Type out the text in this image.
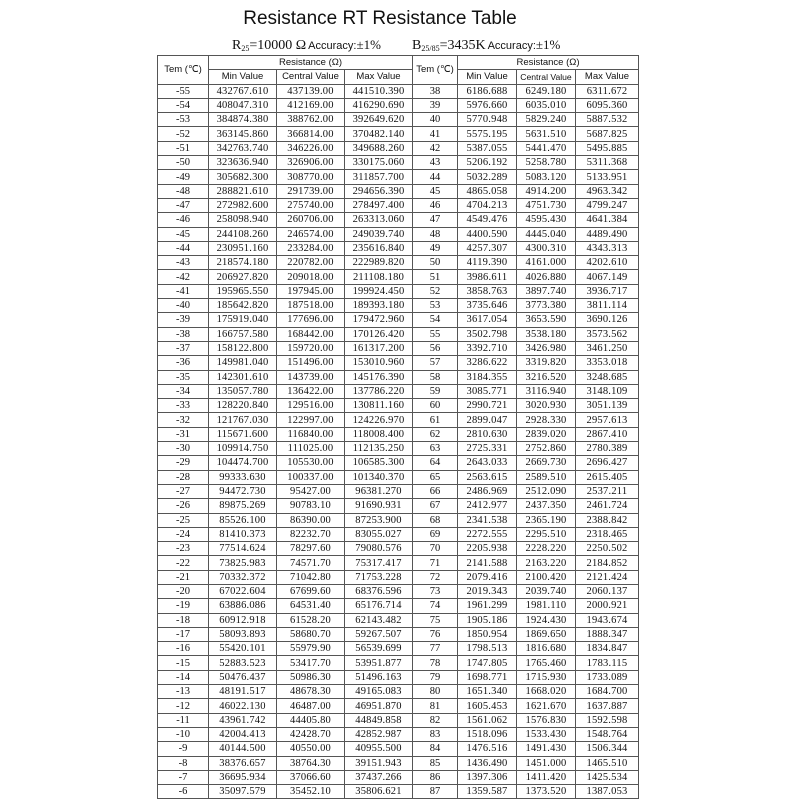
Resistance RT Resistance Table
$R_{25}=10000$ Ω Accuracy:±1% $B_{25/85}=3435K$ Accuracy:±1%
Tem (℃)	Resistance (Ω)			Tem (℃)	Resistance (Ω)		
	Min Value	Central Value	Max Value		Min Value	Central Value	Max Value
-55	432767.610	437139.00	441510.390	38	6186.688	6249.180	6311.672
-54	408047.310	412169.00	416290.690	39	5976.660	6035.010	6095.360
-53	384874.380	388762.00	392649.620	40	5770.948	5829.240	5887.532
-52	363145.860	366814.00	370482.140	41	5575.195	5631.510	5687.825
-51	342763.740	346226.00	349688.260	42	5387.055	5441.470	5495.885
-50	323636.940	326906.00	330175.060	43	5206.192	5258.780	5311.368
-49	305682.300	308770.00	311857.700	44	5032.289	5083.120	5133.951
-48	288821.610	291739.00	294656.390	45	4865.058	4914.200	4963.342
-47	272982.600	275740.00	278497.400	46	4704.213	4751.730	4799.247
-46	258098.940	260706.00	263313.060	47	4549.476	4595.430	4641.384
-45	244108.260	246574.00	249039.740	48	4400.590	4445.040	4489.490
-44	230951.160	233284.00	235616.840	49	4257.307	4300.310	4343.313
-43	218574.180	220782.00	222989.820	50	4119.390	4161.000	4202.610
-42	206927.820	209018.00	211108.180	51	3986.611	4026.880	4067.149
-41	195965.550	197945.00	199924.450	52	3858.763	3897.740	3936.717
-40	185642.820	187518.00	189393.180	53	3735.646	3773.380	3811.114
-39	175919.040	177696.00	179472.960	54	3617.054	3653.590	3690.126
-38	166757.580	168442.00	170126.420	55	3502.798	3538.180	3573.562
-37	158122.800	159720.00	161317.200	56	3392.710	3426.980	3461.250
-36	149981.040	151496.00	153010.960	57	3286.622	3319.820	3353.018
-35	142301.610	143739.00	145176.390	58	3184.355	3216.520	3248.685
-34	135057.780	136422.00	137786.220	59	3085.771	3116.940	3148.109
-33	128220.840	129516.00	130811.160	60	2990.721	3020.930	3051.139
-32	121767.030	122997.00	124226.970	61	2899.047	2928.330	2957.613
-31	115671.600	116840.00	118008.400	62	2810.630	2839.020	2867.410
-30	109914.750	111025.00	112135.250	63	2725.331	2752.860	2780.389
-29	104474.700	105530.00	106585.300	64	2643.033	2669.730	2696.427
-28	99333.630	100337.00	101340.370	65	2563.615	2589.510	2615.405
-27	94472.730	95427.00	96381.270	66	2486.969	2512.090	2537.211
-26	89875.269	90783.10	91690.931	67	2412.977	2437.350	2461.724
-25	85526.100	86390.00	87253.900	68	2341.538	2365.190	2388.842
-24	81410.373	82232.70	83055.027	69	2272.555	2295.510	2318.465
-23	77514.624	78297.60	79080.576	70	2205.938	2228.220	2250.502
-22	73825.983	74571.70	75317.417	71	2141.588	2163.220	2184.852
-21	70332.372	71042.80	71753.228	72	2079.416	2100.420	2121.424
-20	67022.604	67699.60	68376.596	73	2019.343	2039.740	2060.137
-19	63886.086	64531.40	65176.714	74	1961.299	1981.110	2000.921
-18	60912.918	61528.20	62143.482	75	1905.186	1924.430	1943.674
-17	58093.893	58680.70	59267.507	76	1850.954	1869.650	1888.347
-16	55420.101	55979.90	56539.699	77	1798.513	1816.680	1834.847
-15	52883.523	53417.70	53951.877	78	1747.805	1765.460	1783.115
-14	50476.437	50986.30	51496.163	79	1698.771	1715.930	1733.089
-13	48191.517	48678.30	49165.083	80	1651.340	1668.020	1684.700
-12	46022.130	46487.00	46951.870	81	1605.453	1621.670	1637.887
-11	43961.742	44405.80	44849.858	82	1561.062	1576.830	1592.598
-10	42004.413	42428.70	42852.987	83	1518.096	1533.430	1548.764
-9	40144.500	40550.00	40955.500	84	1476.516	1491.430	1506.344
-8	38376.657	38764.30	39151.943	85	1436.490	1451.000	1465.510
-7	36695.934	37066.60	37437.266	86	1397.306	1411.420	1425.534
-6	35097.579	35452.10	35806.621	87	1359.587	1373.520	1387.053
